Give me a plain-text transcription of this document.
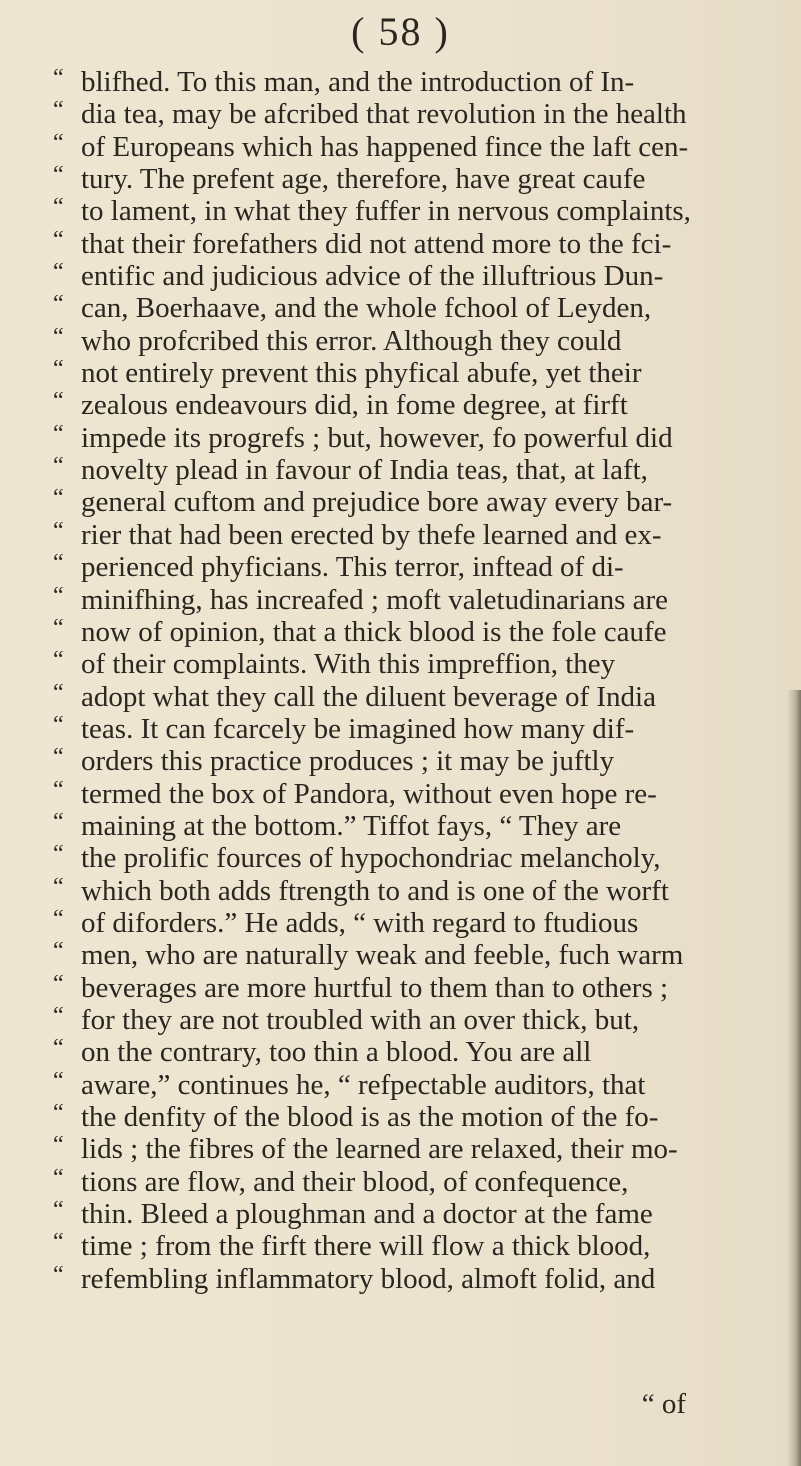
( 58 )
“ blifhed. To this man, and the introduction of In-
“ dia tea, may be afcribed that revolution in the health
“ of Europeans which has happened fince the laft cen-
“ tury. The prefent age, therefore, have great caufe
“ to lament, in what they fuffer in nervous complaints,
“ that their forefathers did not attend more to the fci-
“ entific and judicious advice of the illuftrious Dun-
“ can, Boerhaave, and the whole fchool of Leyden,
“ who profcribed this error. Although they could
“ not entirely prevent this phyfical abufe, yet their
“ zealous endeavours did, in fome degree, at firft
“ impede its progrefs ; but, however, fo powerful did
“ novelty plead in favour of India teas, that, at laft,
“ general cuftom and prejudice bore away every bar-
“ rier that had been erected by thefe learned and ex-
“ perienced phyficians. This terror, inftead of di-
“ minifhing, has increafed ; moft valetudinarians are
“ now of opinion, that a thick blood is the fole caufe
“ of their complaints. With this impreffion, they
“ adopt what they call the diluent beverage of India
“ teas. It can fcarcely be imagined how many dif-
“ orders this practice produces ; it may be juftly
“ termed the box of Pandora, without even hope re-
“ maining at the bottom.” Tiffot fays, “ They are
“ the prolific fources of hypochondriac melancholy,
“ which both adds ftrength to and is one of the worft
“ of diforders.” He adds, “ with regard to ftudious
“ men, who are naturally weak and feeble, fuch warm
“ beverages are more hurtful to them than to others ;
“ for they are not troubled with an over thick, but,
“ on the contrary, too thin a blood. You are all
“ aware,” continues he, “ refpectable auditors, that
“ the denfity of the blood is as the motion of the fo-
“ lids ; the fibres of the learned are relaxed, their mo-
“ tions are flow, and their blood, of confequence,
“ thin. Bleed a ploughman and a doctor at the fame
“ time ; from the firft there will flow a thick blood,
“ refembling inflammatory blood, almoft folid, and
“ of
